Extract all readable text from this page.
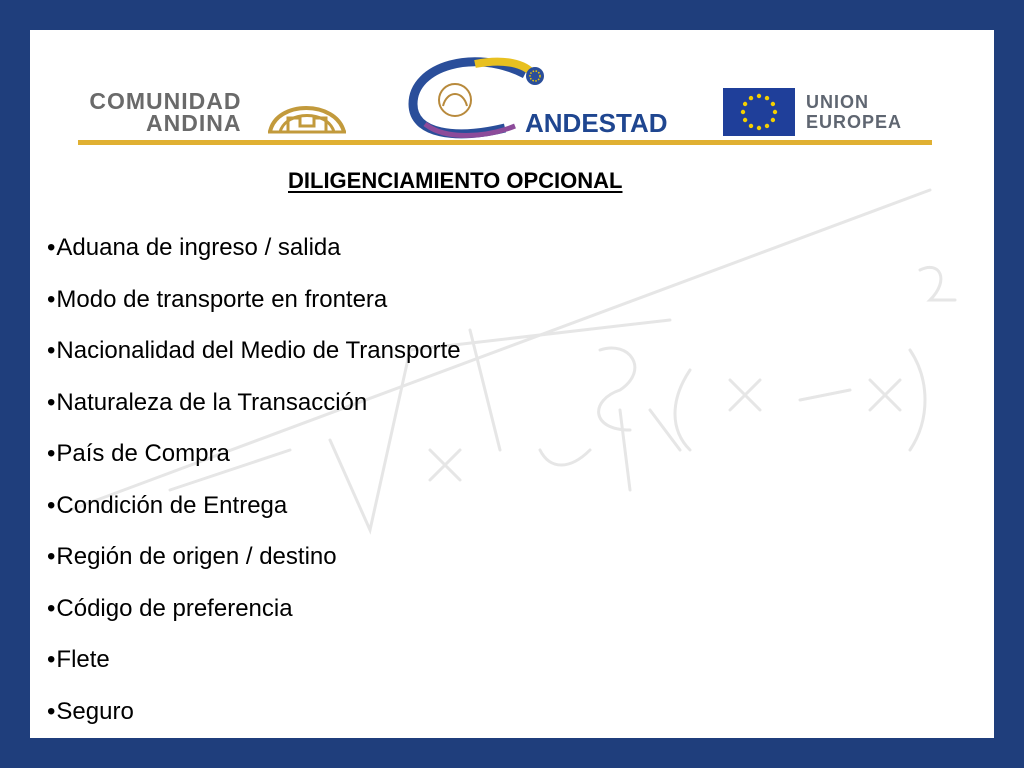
COMUNIDAD
ANDINA	ANDESTAD
UNION
EUROPEA
DILIGENCIAMIENTO OPCIONAL
•Aduana de ingreso / salida
•Modo de transporte en frontera
•Nacionalidad del Medio de Transporte
•Naturaleza de la Transacción
•País de Compra
•Condición de Entrega
•Región de origen / destino
•Código de preferencia
•Flete
•Seguro
